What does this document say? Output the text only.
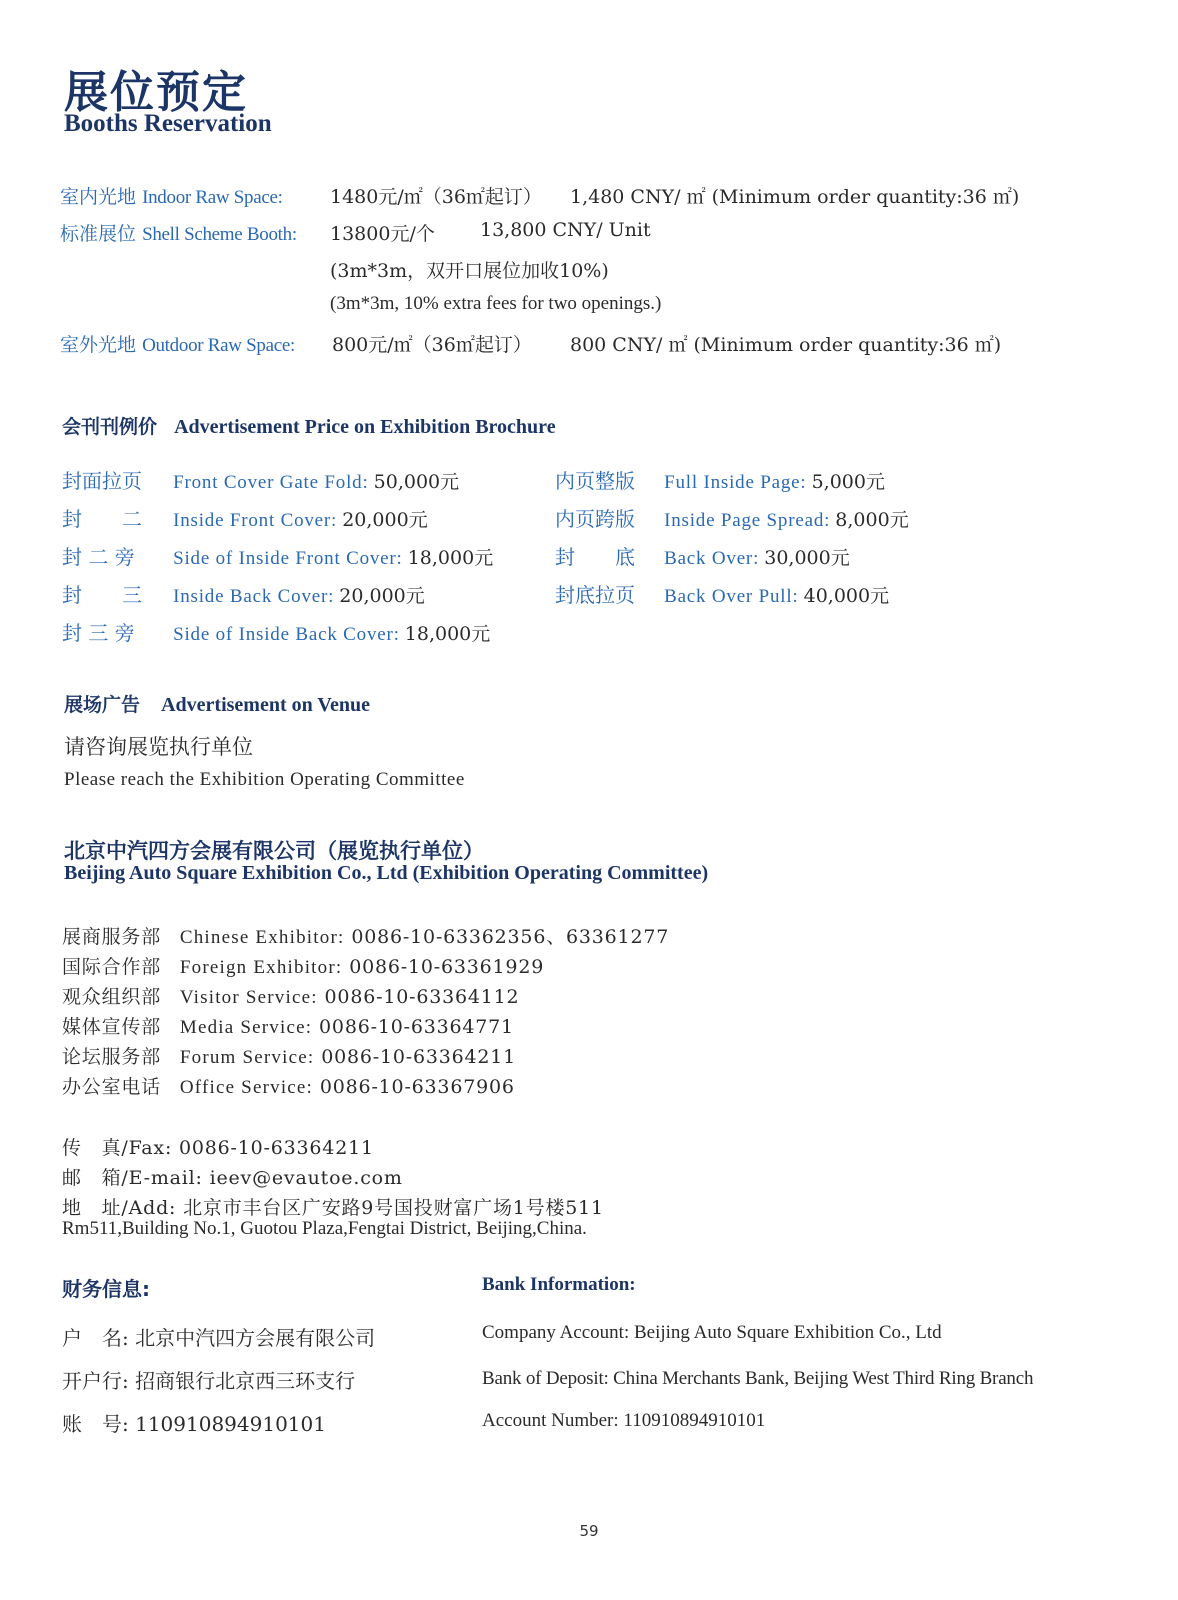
展位预定
Booths Reservation
室内光地 Indoor Raw Space: 1480元/㎡（36㎡起订） 1,480 CNY/ ㎡ (Minimum order quantity:36 ㎡)
标准展位 Shell Scheme Booth: 13800元/个 13,800 CNY/ Unit
(3m*3m，双开口展位加收10%)
(3m*3m, 10% extra fees for two openings.)
室外光地 Outdoor Raw Space: 800元/㎡（36㎡起订） 800 CNY/ ㎡ (Minimum order quantity:36 ㎡)
会刊刊例价 Advertisement Price on Exhibition Brochure
封面拉页 Front Cover Gate Fold: 50,000元
封　　二 Inside Front Cover: 20,000元
封 二 旁 Side of Inside Front Cover: 18,000元
封　　三 Inside Back Cover: 20,000元
封 三 旁 Side of Inside Back Cover: 18,000元
内页整版 Full Inside Page: 5,000元
内页跨版 Inside Page Spread: 8,000元
封　　底 Back Over: 30,000元
封底拉页 Back Over Pull: 40,000元
展场广告 Advertisement on Venue
请咨询展览执行单位
Please reach the Exhibition Operating Committee
北京中汽四方会展有限公司（展览执行单位）
Beijing Auto Square Exhibition Co., Ltd (Exhibition Operating Committee)
展商服务部 Chinese Exhibitor: 0086-10-63362356、63361277
国际合作部 Foreign Exhibitor: 0086-10-63361929
观众组织部 Visitor Service: 0086-10-63364112
媒体宣传部 Media Service: 0086-10-63364771
论坛服务部 Forum Service: 0086-10-63364211
办公室电话 Office Service: 0086-10-63367906
传　真/Fax: 0086-10-63364211
邮　箱/E-mail: ieev@evautoe.com
地　址/Add: 北京市丰台区广安路9号国投财富广场1号楼511
Rm511,Building No.1, Guotou Plaza,Fengtai District, Beijing,China.
财务信息:	Bank Information:
户　名: 北京中汽四方会展有限公司
开户行: 招商银行北京西三环支行
账　号: 110910894910101
Company Account: Beijing Auto Square Exhibition Co., Ltd
Bank of Deposit: China Merchants Bank, Beijing West Third Ring Branch
Account Number: 110910894910101
59
